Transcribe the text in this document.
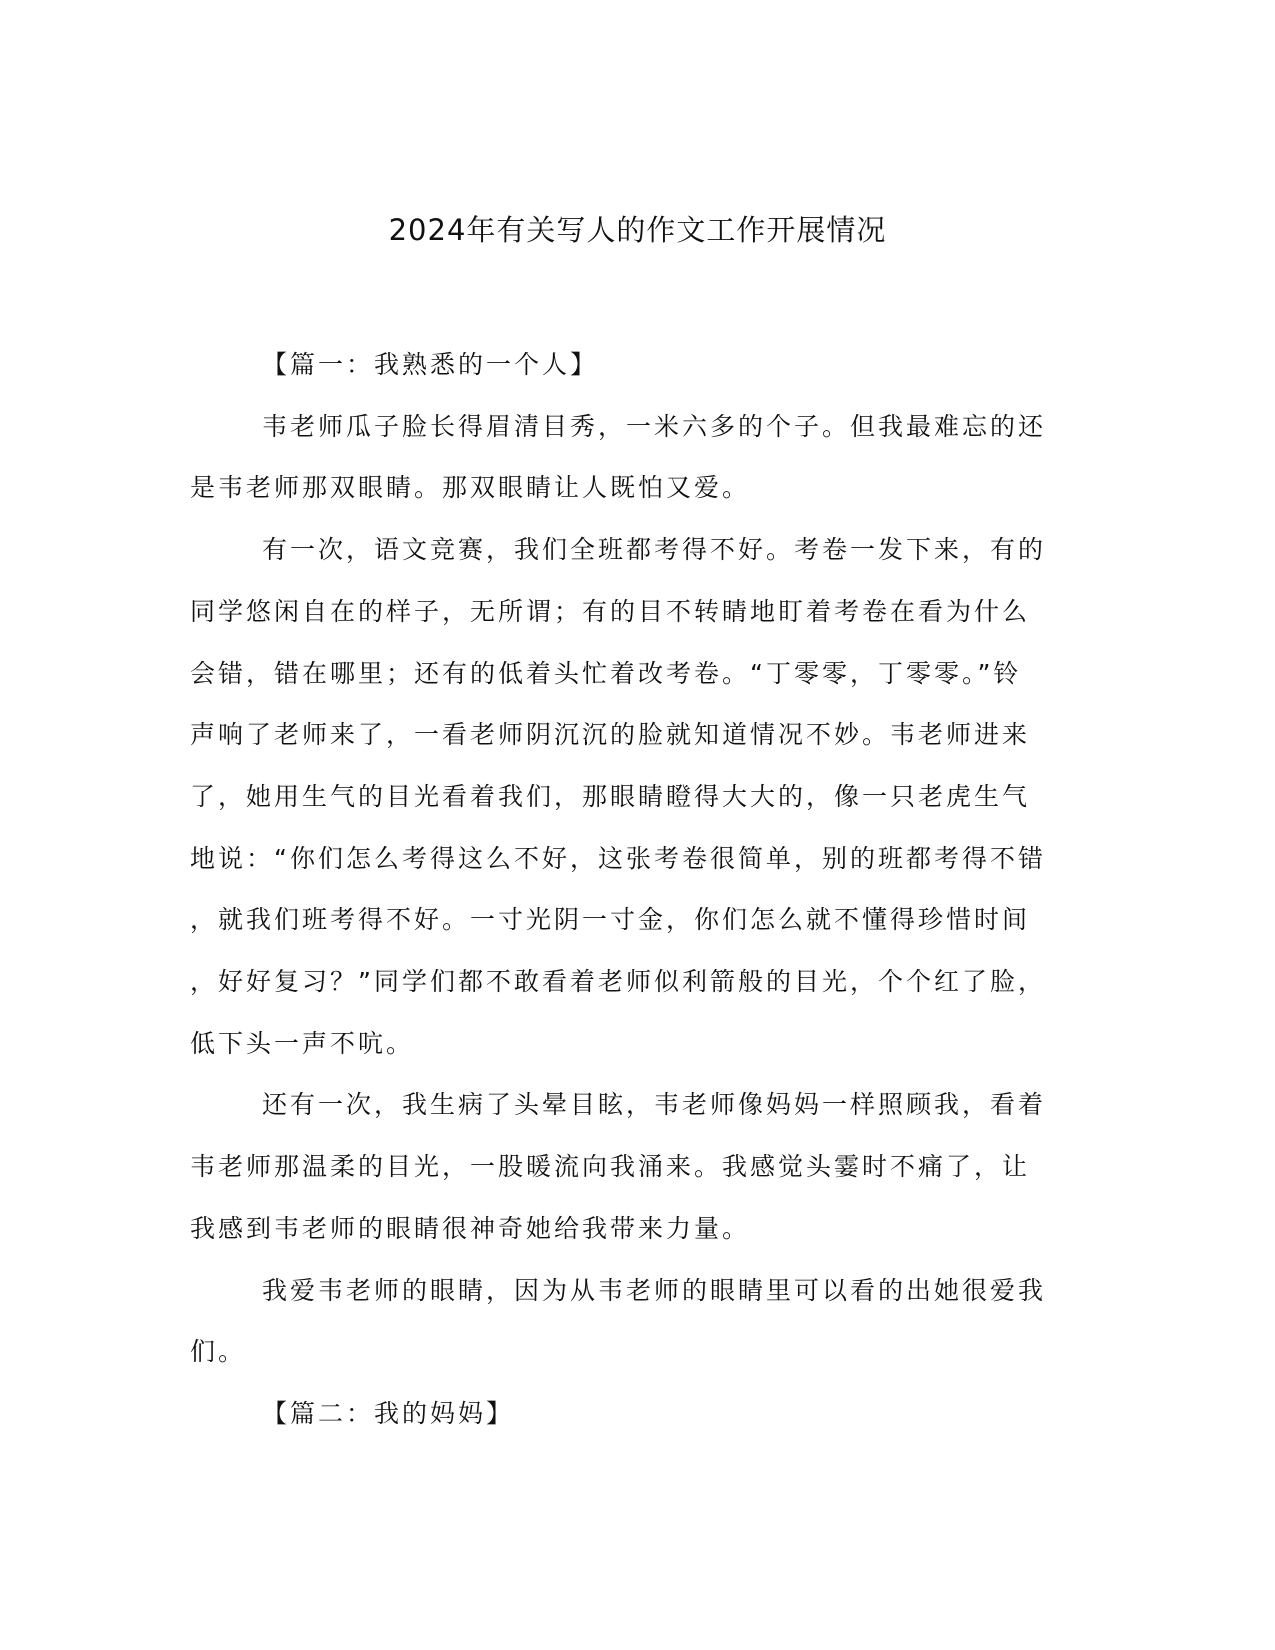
2024年有关写人的作文工作开展情况

【篇一：我熟悉的一个人】

韦老师瓜子脸长得眉清目秀，一米六多的个子。但我最难忘的还

是韦老师那双眼睛。那双眼睛让人既怕又爱。

有一次，语文竞赛，我们全班都考得不好。考卷一发下来，有的

同学悠闲自在的样子，无所谓；有的目不转睛地盯着考卷在看为什么

会错，错在哪里；还有的低着头忙着改考卷。“丁零零，丁零零。”铃

声响了老师来了，一看老师阴沉沉的脸就知道情况不妙。韦老师进来

了，她用生气的目光看着我们，那眼睛瞪得大大的，像一只老虎生气

地说：“你们怎么考得这么不好，这张考卷很简单，别的班都考得不错

，就我们班考得不好。一寸光阴一寸金，你们怎么就不懂得珍惜时间

，好好复习？”同学们都不敢看着老师似利箭般的目光，个个红了脸，

低下头一声不吭。

还有一次，我生病了头晕目眩，韦老师像妈妈一样照顾我，看着

韦老师那温柔的目光，一股暖流向我涌来。我感觉头霎时不痛了，让

我感到韦老师的眼睛很神奇她给我带来力量。

我爱韦老师的眼睛，因为从韦老师的眼睛里可以看的出她很爱我

们。

【篇二：我的妈妈】
